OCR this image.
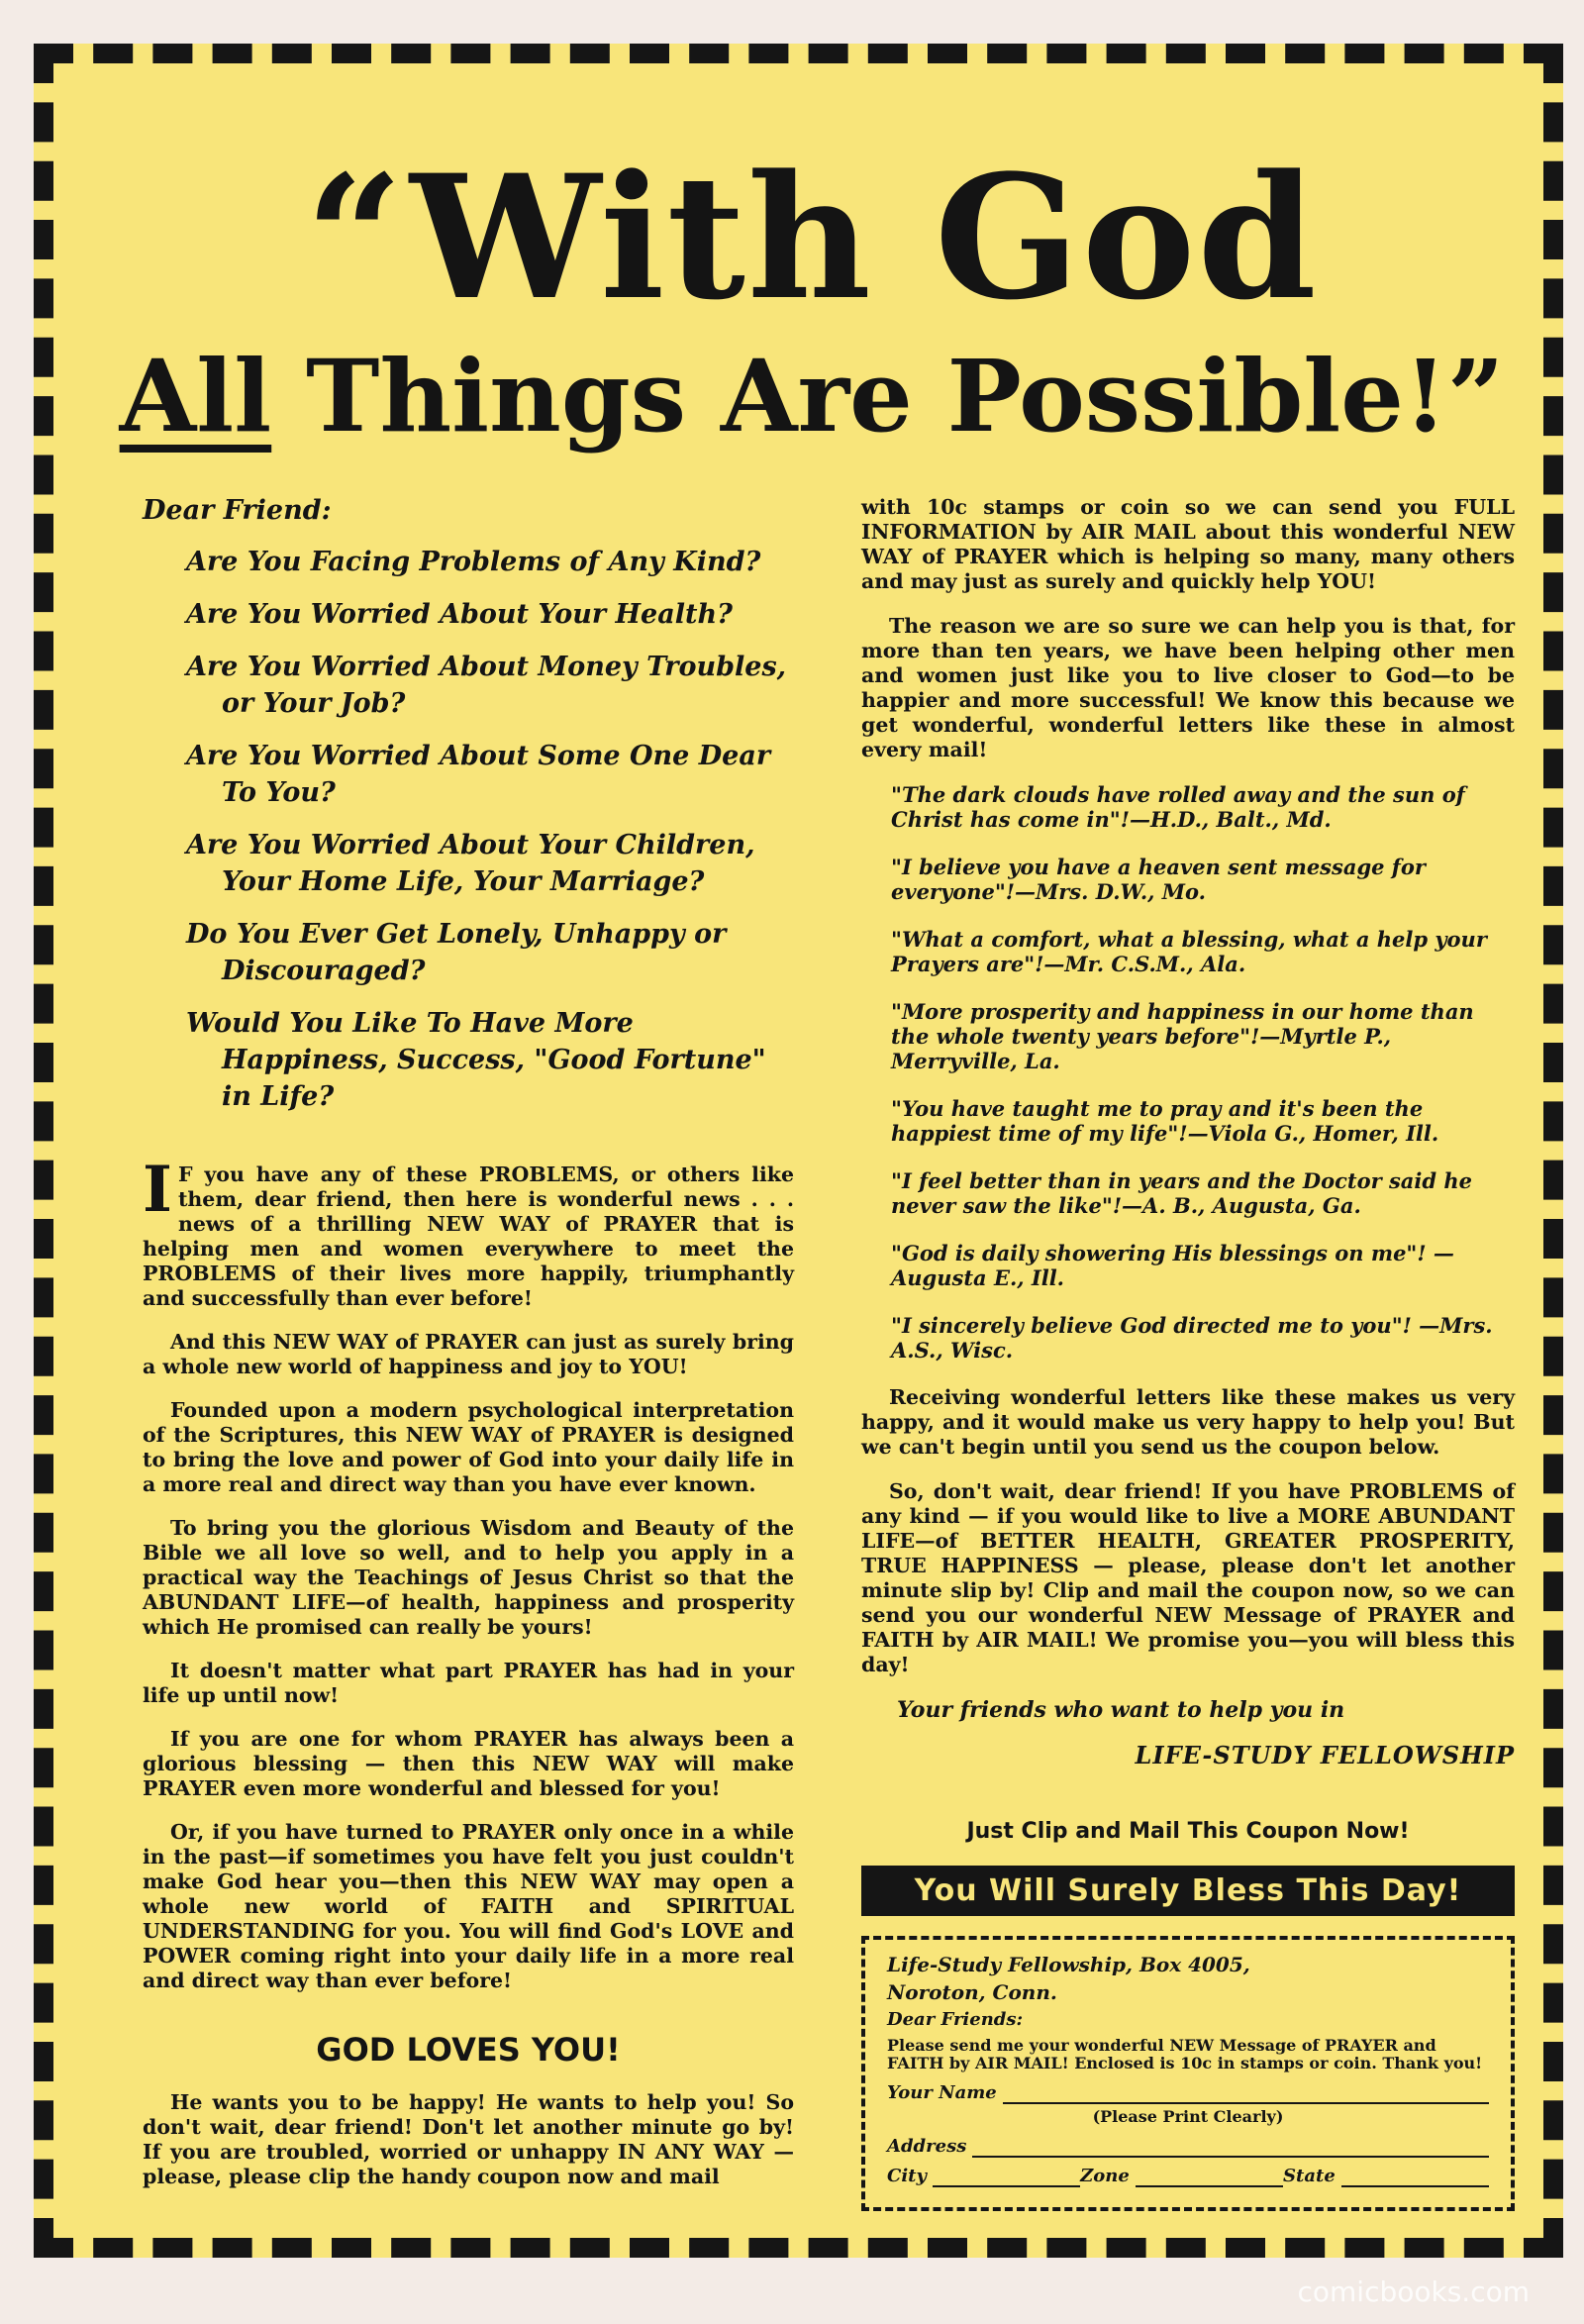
“With God
All Things Are Possible!”

Dear Friend:

Are You Facing Problems of Any Kind?
Are You Worried About Your Health?
Are You Worried About Money Troubles, or Your Job?
Are You Worried About Some One Dear To You?
Are You Worried About Your Children, Your Home Life, Your Marriage?
Do You Ever Get Lonely, Unhappy or Discouraged?
Would You Like To Have More Happiness, Success, "Good Fortune" in Life?

I F you have any of these PROBLEMS, or others like them, dear friend, then here is wonderful news . . . news of a thrilling NEW WAY of PRAYER that is helping men and women everywhere to meet the PROBLEMS of their lives more happily, triumphantly and successfully than ever before!

And this NEW WAY of PRAYER can just as surely bring a whole new world of happiness and joy to YOU!

Founded upon a modern psychological interpretation of the Scriptures, this NEW WAY of PRAYER is designed to bring the love and power of God into your daily life in a more real and direct way than you have ever known.

To bring you the glorious Wisdom and Beauty of the Bible we all love so well, and to help you apply in a practical way the Teachings of Jesus Christ so that the ABUNDANT LIFE—of health, happiness and prosperity which He promised can really be yours!

It doesn't matter what part PRAYER has had in your life up until now!

If you are one for whom PRAYER has always been a glorious blessing — then this NEW WAY will make PRAYER even more wonderful and blessed for you!

Or, if you have turned to PRAYER only once in a while in the past—if sometimes you have felt you just couldn't make God hear you—then this NEW WAY may open a whole new world of FAITH and SPIRITUAL UNDERSTANDING for you. You will find God's LOVE and POWER coming right into your daily life in a more real and direct way than ever before!

GOD LOVES YOU!

He wants you to be happy! He wants to help you! So don't wait, dear friend! Don't let another minute go by! If you are troubled, worried or unhappy IN ANY WAY —please, please clip the handy coupon now and mail

with 10c stamps or coin so we can send you FULL INFORMATION by AIR MAIL about this wonderful NEW WAY of PRAYER which is helping so many, many others and may just as surely and quickly help YOU!

The reason we are so sure we can help you is that, for more than ten years, we have been helping other men and women just like you to live closer to God—to be happier and more successful! We know this because we get wonderful, wonderful letters like these in almost every mail!

"The dark clouds have rolled away and the sun of Christ has come in"!—H.D., Balt., Md.

"I believe you have a heaven sent message for everyone"!—Mrs. D.W., Mo.

"What a comfort, what a blessing, what a help your Prayers are"!—Mr. C.S.M., Ala.

"More prosperity and happiness in our home than the whole twenty years before"!—Myrtle P., Merryville, La.

"You have taught me to pray and it's been the happiest time of my life"!—Viola G., Homer, Ill.

"I feel better than in years and the Doctor said he never saw the like"!—A. B., Augusta, Ga.

"God is daily showering His blessings on me"! —Augusta E., Ill.

"I sincerely believe God directed me to you"! —Mrs. A.S., Wisc.

Receiving wonderful letters like these makes us very happy, and it would make us very happy to help you! But we can't begin until you send us the coupon below.

So, don't wait, dear friend! If you have PROBLEMS of any kind — if you would like to live a MORE ABUNDANT LIFE—of BETTER HEALTH, GREATER PROSPERITY, TRUE HAPPINESS — please, please don't let another minute slip by! Clip and mail the coupon now, so we can send you our wonderful NEW Message of PRAYER and FAITH by AIR MAIL! We promise you—you will bless this day!

Your friends who want to help you in

LIFE-STUDY FELLOWSHIP

Just Clip and Mail This Coupon Now!

You Will Surely Bless This Day!
Life-Study Fellowship, Box 4005,
Noroton, Conn.
Dear Friends:
Please send me your wonderful NEW Message of PRAYER and FAITH by AIR MAIL! Enclosed is 10c in stamps or coin. Thank you!
Your Name
(Please Print Clearly)
Address
City	Zone	State
comicbooks.com
